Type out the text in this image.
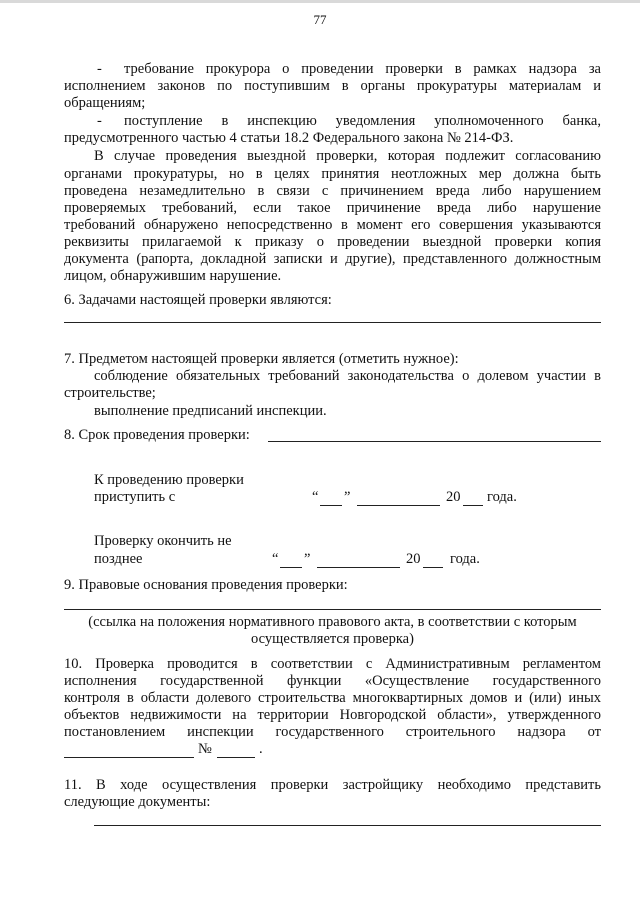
77
- требование прокурора о проведении проверки в рамках надзора за
исполнением законов по поступившим в органы прокуратуры материалам и
обращениям;
- поступление в инспекцию уведомления уполномоченного банка,
предусмотренного частью 4 статьи 18.2 Федерального закона № 214-ФЗ.
В случае проведения выездной проверки, которая подлежит согласованию
органами прокуратуры, но в целях принятия неотложных мер должна быть
проведена незамедлительно в связи с причинением вреда либо нарушением
проверяемых требований, если такое причинение вреда либо нарушение
требований обнаружено непосредственно в момент его совершения указываются
реквизиты прилагаемой к приказу о проведении выездной проверки копия
документа (рапорта, докладной записки и другие), представленного должностным
лицом, обнаружившим нарушение.
6. Задачами настоящей проверки являются:
7. Предметом настоящей проверки является (отметить нужное):
соблюдение обязательных требований законодательства о долевом участии в
строительстве;
выполнение предписаний инспекции.
8. Срок проведения проверки:
К проведению проверки
приступить с	“ ”	20 года.
Проверку окончить не
позднее	“ ”	20 года.
9. Правовые основания проведения проверки:
(ссылка на положения нормативного правового акта, в соответствии с которым осуществляется проверка)
10. Проверка проводится в соответствии с Административным регламентом
исполнения государственной функции «Осуществление государственного
контроля в области долевого строительства многоквартирных домов и (или) иных
объектов недвижимости на территории Новгородской области», утвержденного
постановлением инспекции государственного строительного надзора от
№	.
11. В ходе осуществления проверки застройщику необходимо представить
следующие документы:
